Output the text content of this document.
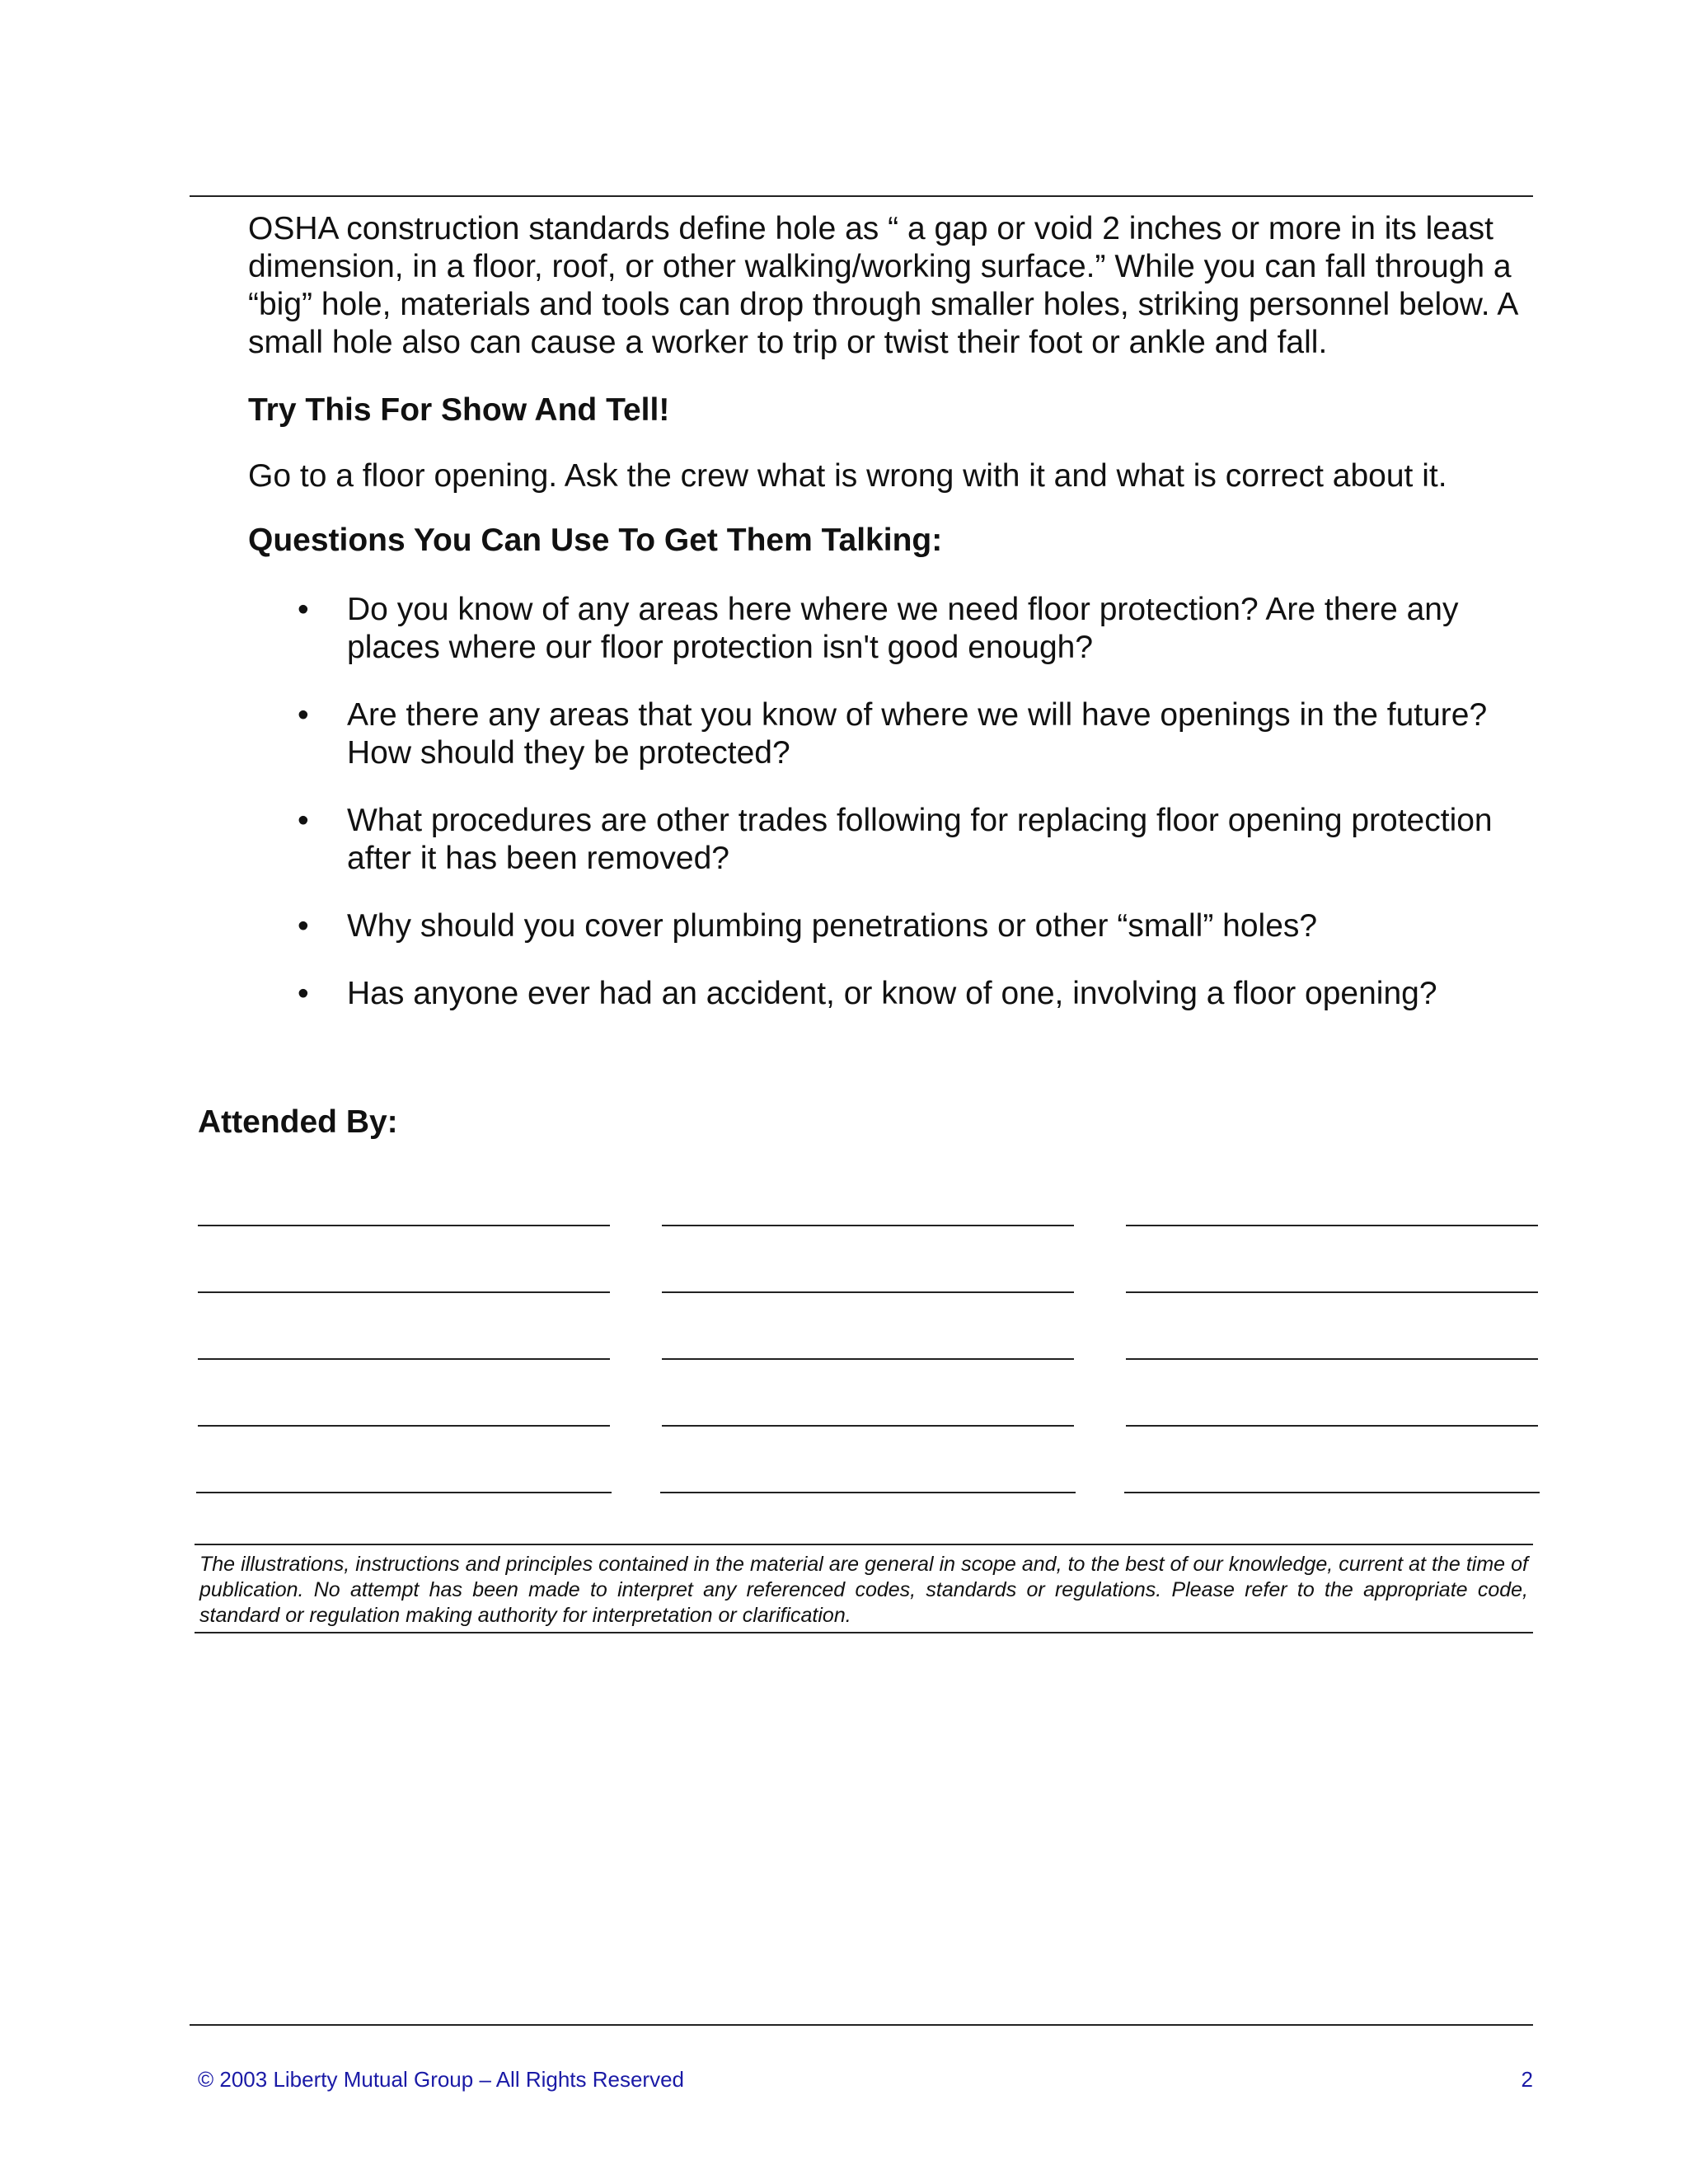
OSHA construction standards define hole as “ a gap or void 2 inches or more in its least dimension, in a floor, roof, or other walking/working surface.” While you can fall through a “big” hole, materials and tools can drop through smaller holes, striking personnel below. A small hole also can cause a worker to trip or twist their foot or ankle and fall.

Try This For Show And Tell!

Go to a floor opening. Ask the crew what is wrong with it and what is correct about it.

Questions You Can Use To Get Them Talking:

•	Do you know of any areas here where we need floor protection? Are there any places where our floor protection isn't good enough?
•	Are there any areas that you know of where we will have openings in the future? How should they be protected?
•	What procedures are other trades following for replacing floor opening protection after it has been removed?
•	Why should you cover plumbing penetrations or other “small” holes?
•	Has anyone ever had an accident, or know of one, involving a floor opening?

Attended By:

The illustrations, instructions and principles contained in the material are general in scope and, to the best of our knowledge, current at the time of publication. No attempt has been made to interpret any referenced codes, standards or regulations. Please refer to the appropriate code, standard or regulation making authority for interpretation or clarification.

© 2003 Liberty Mutual Group – All Rights Reserved	2
